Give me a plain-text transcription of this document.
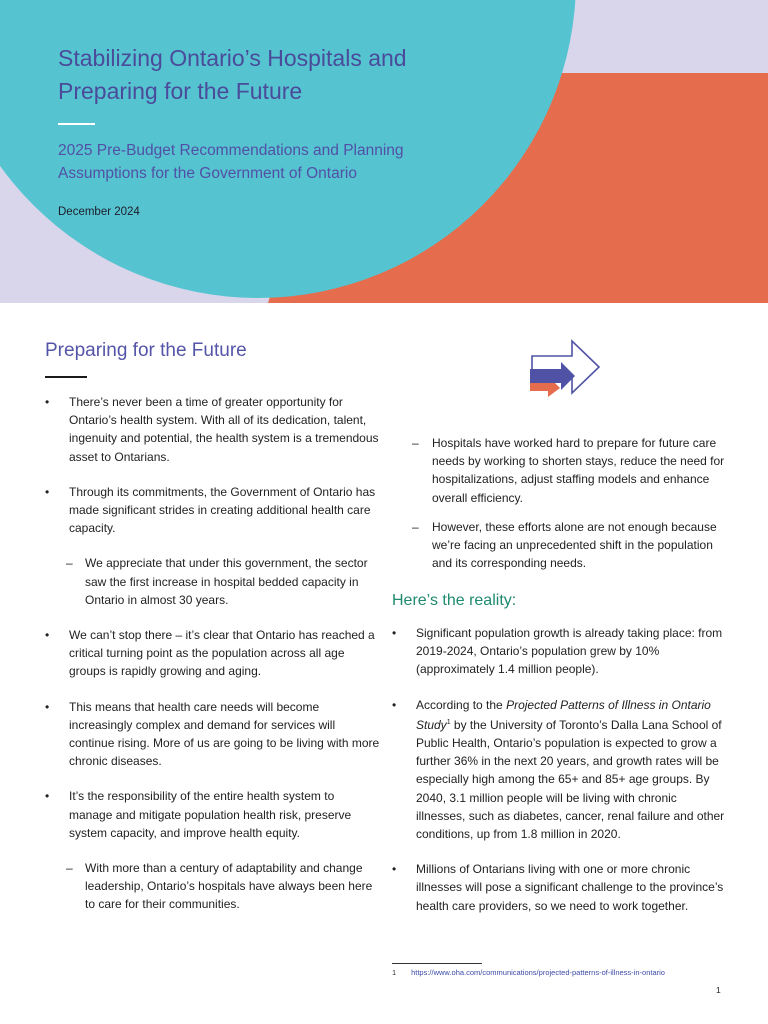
Stabilizing Ontario’s Hospitals and Preparing for the Future
2025 Pre-Budget Recommendations and Planning Assumptions for the Government of Ontario
December 2024
Preparing for the Future
• There’s never been a time of greater opportunity for Ontario’s health system. With all of its dedication, talent, ingenuity and potential, the health system is a tremendous asset to Ontarians.
• Through its commitments, the Government of Ontario has made significant strides in creating additional health care capacity.
– We appreciate that under this government, the sector saw the first increase in hospital bedded capacity in Ontario in almost 30 years.
• We can’t stop there – it’s clear that Ontario has reached a critical turning point as the population across all age groups is rapidly growing and aging.
• This means that health care needs will become increasingly complex and demand for services will continue rising. More of us are going to be living with more chronic diseases.
• It’s the responsibility of the entire health system to manage and mitigate population health risk, preserve system capacity, and improve health equity.
– With more than a century of adaptability and change leadership, Ontario’s hospitals have always been here to care for their communities.
– Hospitals have worked hard to prepare for future care needs by working to shorten stays, reduce the need for hospitalizations, adjust staffing models and enhance overall efficiency.
– However, these efforts alone are not enough because we’re facing an unprecedented shift in the population and its corresponding needs.
Here’s the reality:
• Significant population growth is already taking place: from 2019-2024, Ontario’s population grew by 10% (approximately 1.4 million people).
• According to the Projected Patterns of Illness in Ontario Study$^1$ by the University of Toronto’s Dalla Lana School of Public Health, Ontario’s population is expected to grow a further 36% in the next 20 years, and growth rates will be especially high among the 65+ and 85+ age groups. By 2040, 3.1 million people will be living with chronic illnesses, such as diabetes, cancer, renal failure and other conditions, up from 1.8 million in 2020.
• Millions of Ontarians living with one or more chronic illnesses will pose a significant challenge to the province’s health care providers, so we need to work together.
1 https://www.oha.com/communications/projected-patterns-of-illness-in-ontario
1
